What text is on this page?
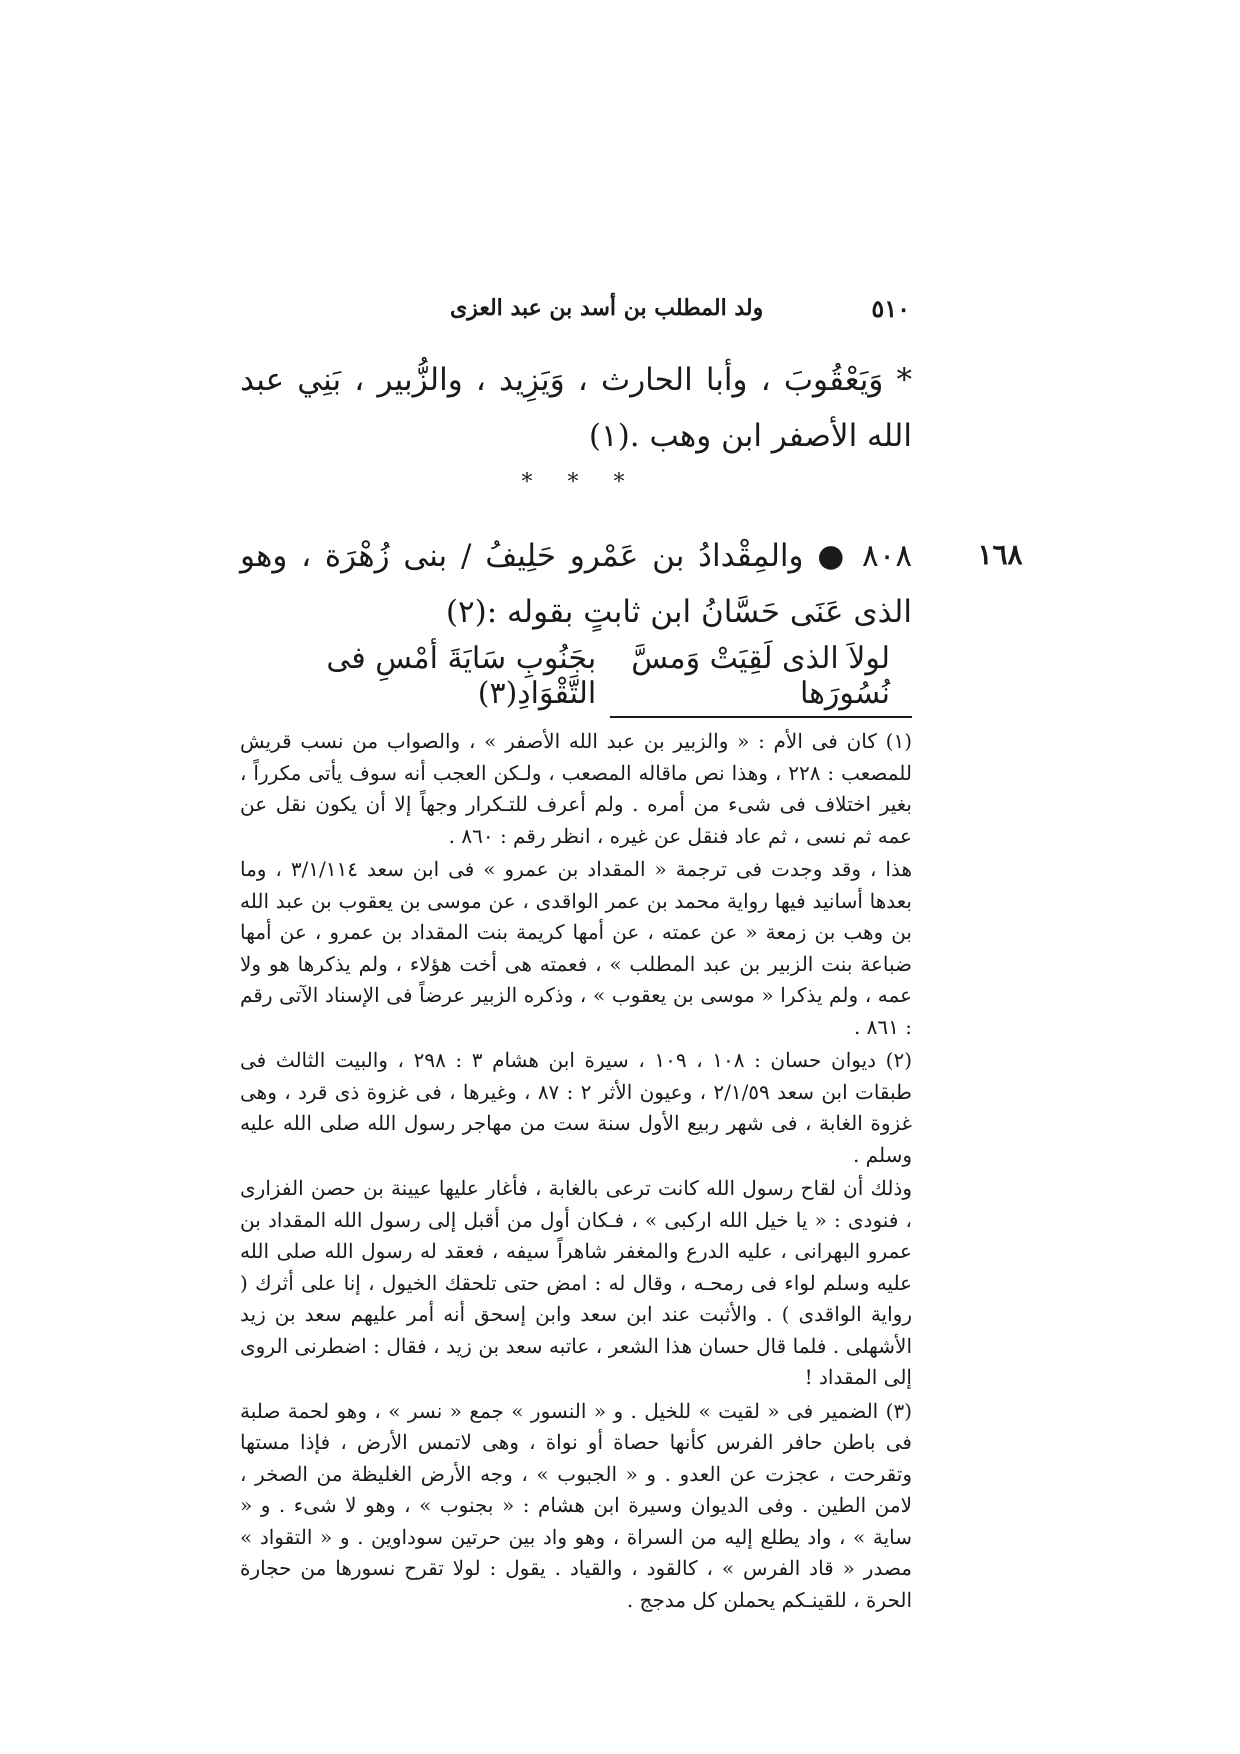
٥١٠
ولد المطلب بن أسد بن عبد العزى
* وَيَعْقُوبَ ، وأبا الحارث ، وَيَزِيد ، والزُّبير ، بَنِي عبد الله الأصفر ابن وهب .(١)
* * *
١٦٨
٨٠٨ ● والمِقْدادُ بن عَمْرو حَلِيفُ / بنى زُهْرَة ، وهو الذى عَنَى حَسَّانُ ابن ثابتٍ بقوله :(٢)
لولاَ الذى لَقِيَتْ وَمسَّ نُسُورَها
بجَنُوبِ سَايَةَ أمْسِ فى التَّقْوَادِ(٣)

(١) كان فى الأم : « والزبير بن عبد الله الأصفر » ، والصواب من نسب قريش للمصعب : ٢٢٨ ، وهذا نص ماقاله المصعب ، ولـكن العجب أنه سوف يأتى مكرراً ، بغير اختلاف فى شىء من أمره . ولم أعرف للتـكرار وجهاً إلا أن يكون نقل عن عمه ثم نسى ، ثم عاد فنقل عن غيره ، انظر رقم : ٨٦٠ .

هذا ، وقد وجدت فى ترجمة « المقداد بن عمرو » فى ابن سعد ٣/١/١١٤ ، وما بعدها أسانيد فيها رواية محمد بن عمر الواقدى ، عن موسى بن يعقوب بن عبد الله بن وهب بن زمعة « عن عمته ، عن أمها كريمة بنت المقداد بن عمرو ، عن أمها ضباعة بنت الزبير بن عبد المطلب » ، فعمته هى أخت هؤلاء ، ولم يذكرها هو ولا عمه ، ولم يذكرا « موسى بن يعقوب » ، وذكره الزبير عرضاً فى الإسناد الآتى رقم : ٨٦١ .

(٢) ديوان حسان : ١٠٨ ، ١٠٩ ، سيرة ابن هشام ٣ : ٢٩٨ ، والبيت الثالث فى طبقات ابن سعد ٢/١/٥٩ ، وعيون الأثر ٢ : ٨٧ ، وغيرها ، فى غزوة ذى قرد ، وهى غزوة الغابة ، فى شهر ربيع الأول سنة ست من مهاجر رسول الله صلى الله عليه وسلم .

وذلك أن لقاح رسول الله كانت ترعى بالغابة ، فأغار عليها عيينة بن حصن الفزارى ، فنودى : « يا خيل الله اركبى » ، فـكان أول من أقبل إلى رسول الله المقداد بن عمرو البهرانى ، عليه الدرع والمغفر شاهراً سيفه ، فعقد له رسول الله صلى الله عليه وسلم لواء فى رمحـه ، وقال له : امض حتى تلحقك الخيول ، إنا على أثرك ( رواية الواقدى ) . والأثبت عند ابن سعد وابن إسحق أنه أمر عليهم سعد بن زيد الأشهلى . فلما قال حسان هذا الشعر ، عاتبه سعد بن زيد ، فقال : اضطرنى الروى إلى المقداد !

(٣) الضمير فى « لقيت » للخيل . و « النسور » جمع « نسر » ، وهو لحمة صلبة فى باطن حافر الفرس كأنها حصاة أو نواة ، وهى لاتمس الأرض ، فإذا مستها وتقرحت ، عجزت عن العدو . و « الجبوب » ، وجه الأرض الغليظة من الصخر ، لامن الطين . وفى الديوان وسيرة ابن هشام : « بجنوب » ، وهو لا شىء . و « ساية » ، واد يطلع إليه من السراة ، وهو واد بين حرتين سوداوين . و « التقواد » مصدر « قاد الفرس » ، كالقود ، والقياد . يقول : لولا تقرح نسورها من حجارة الحرة ، للقينـكم يحملن كل مدجج .
